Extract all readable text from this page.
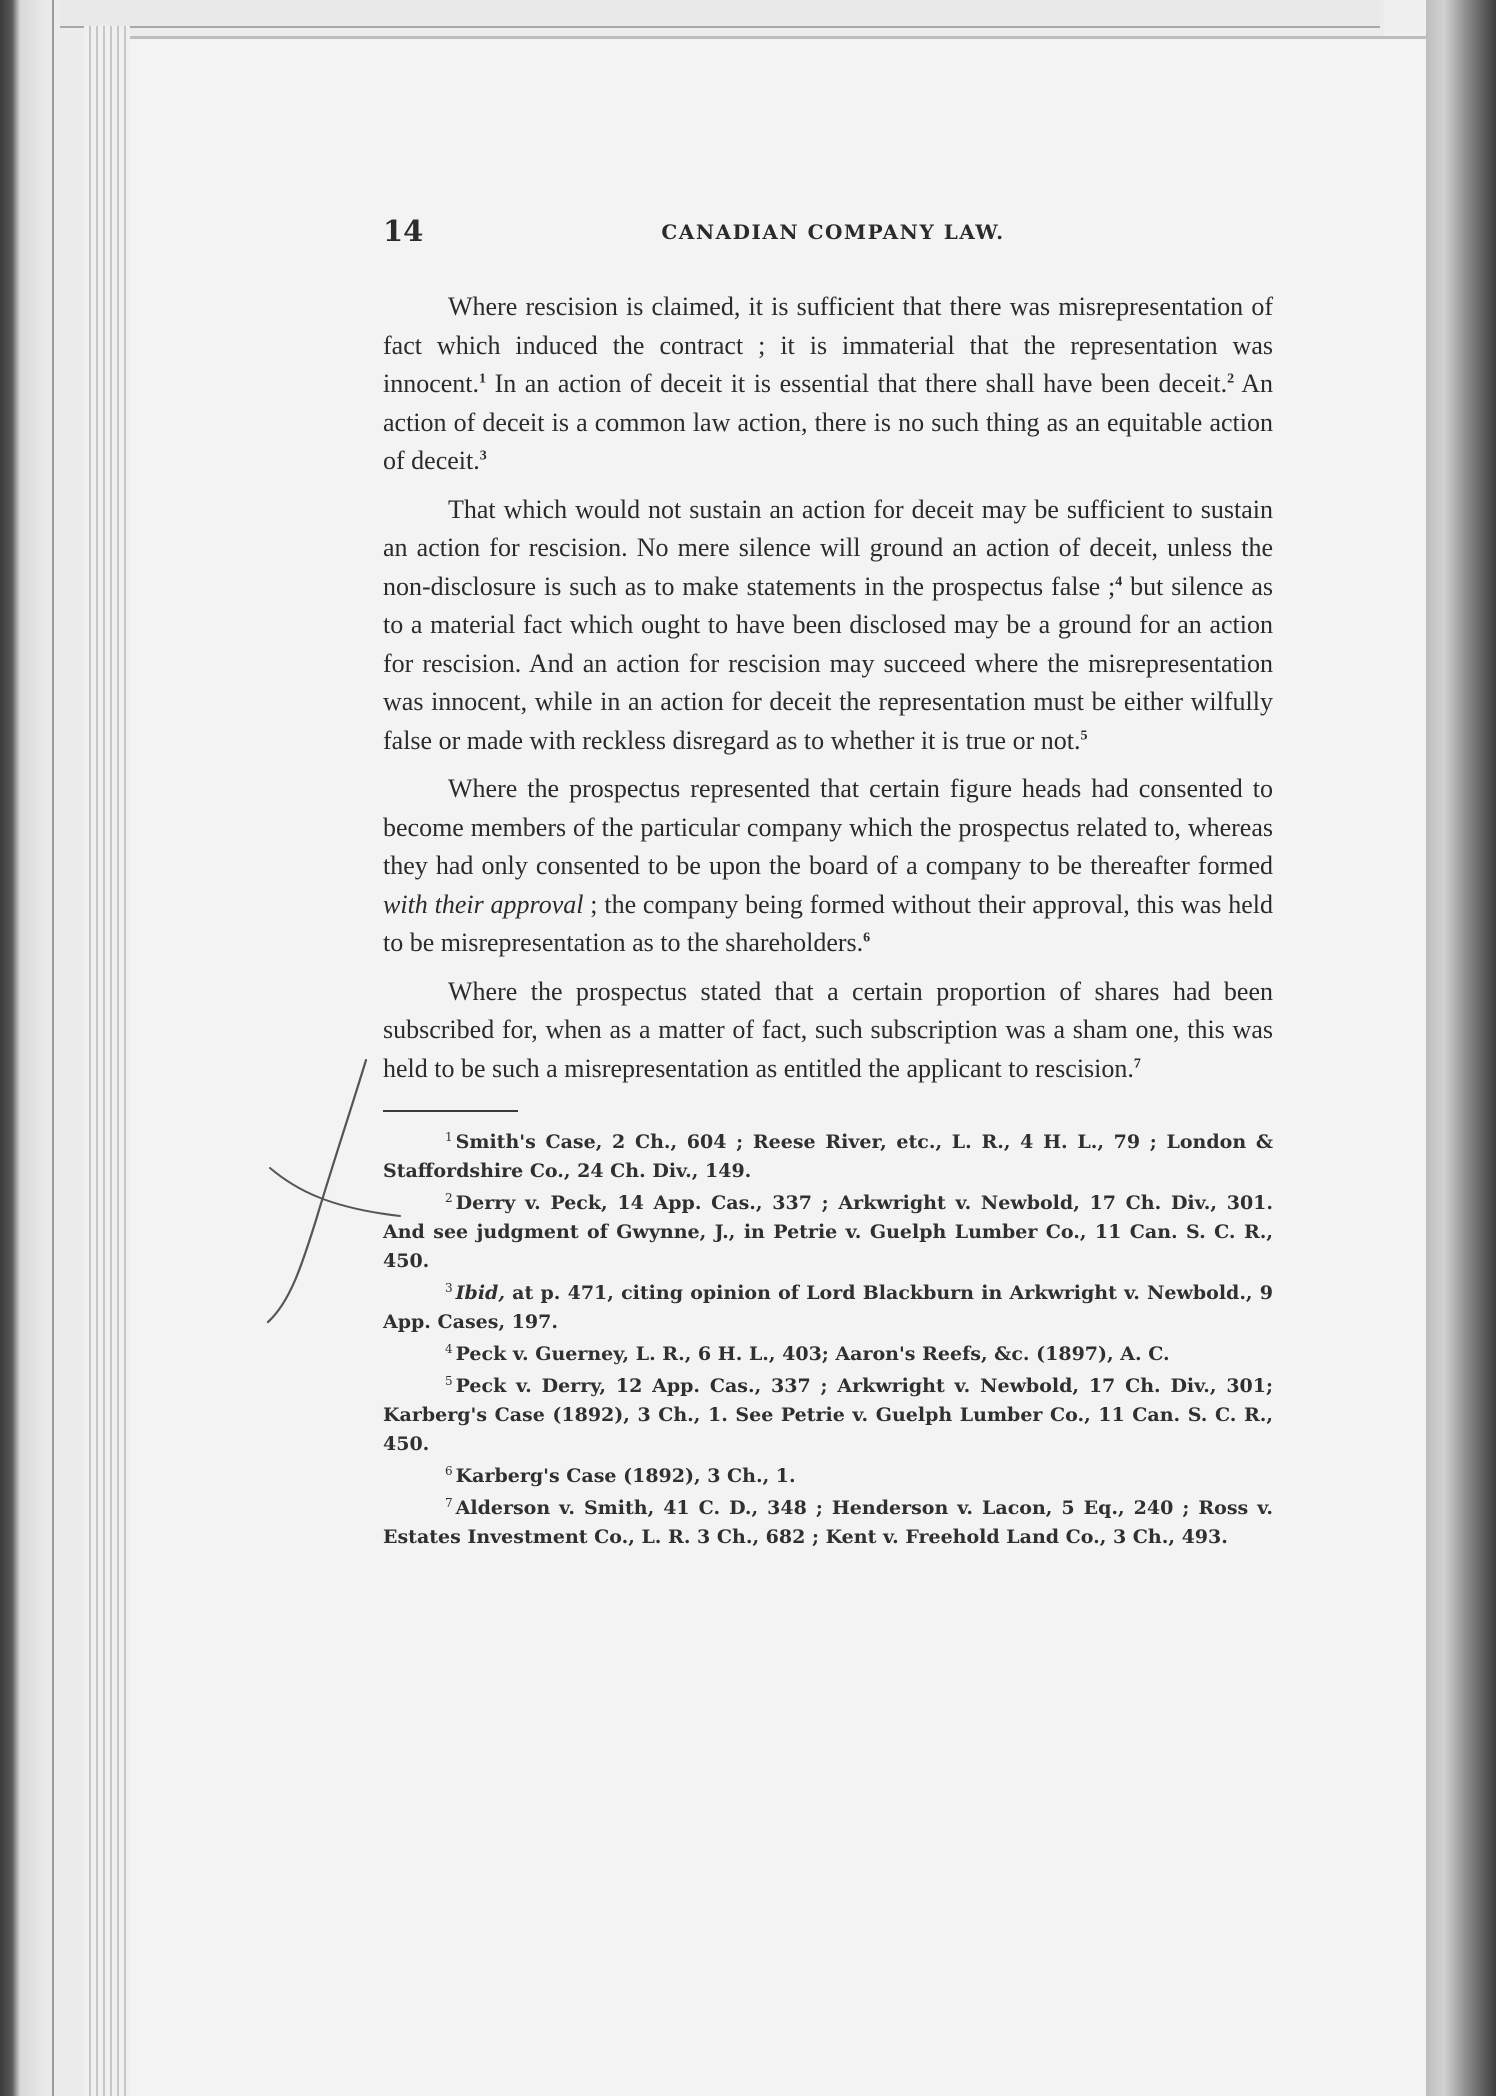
14	CANADIAN COMPANY LAW.

Where rescision is claimed, it is sufficient that there was misrepresentation of fact which induced the contract ; it is immaterial that the representation was innocent.$^1$ In an action of deceit it is essential that there shall have been deceit.$^2$ An action of deceit is a common law action, there is no such thing as an equitable action of deceit.$^3$

That which would not sustain an action for deceit may be sufficient to sustain an action for rescision. No mere silence will ground an action of deceit, unless the non-disclosure is such as to make statements in the prospectus false ;$^4$ but silence as to a material fact which ought to have been disclosed may be a ground for an action for rescision. And an action for rescision may succeed where the misrepresentation was innocent, while in an action for deceit the representation must be either wilfully false or made with reckless disregard as to whether it is true or not.$^5$

Where the prospectus represented that certain figure heads had consented to become members of the particular company which the prospectus related to, whereas they had only consented to be upon the board of a company to be thereafter formed with their approval ; the company being formed without their approval, this was held to be misrepresentation as to the shareholders.$^6$

Where the prospectus stated that a certain proportion of shares had been subscribed for, when as a matter of fact, such subscription was a sham one, this was held to be such a misrepresentation as entitled the applicant to rescision.$^7$

$^1$ Smith's Case, 2 Ch., 604 ; Reese River, etc., L. R., 4 H. L., 79 ; London & Staffordshire Co., 24 Ch. Div., 149.

$^2$ Derry v. Peck, 14 App. Cas., 337 ; Arkwright v. Newbold, 17 Ch. Div., 301. And see judgment of Gwynne, J., in Petrie v. Guelph Lumber Co., 11 Can. S. C. R., 450.

$^3$ Ibid, at p. 471, citing opinion of Lord Blackburn in Arkwright v. Newbold., 9 App. Cases, 197.

$^4$ Peck v. Guerney, L. R., 6 H. L., 403; Aaron's Reefs, &c. (1897), A. C.

$^5$ Peck v. Derry, 12 App. Cas., 337 ; Arkwright v. Newbold, 17 Ch. Div., 301; Karberg's Case (1892), 3 Ch., 1. See Petrie v. Guelph Lumber Co., 11 Can. S. C. R., 450.

$^6$ Karberg's Case (1892), 3 Ch., 1.

$^7$ Alderson v. Smith, 41 C. D., 348 ; Henderson v. Lacon, 5 Eq., 240 ; Ross v. Estates Investment Co., L. R. 3 Ch., 682 ; Kent v. Freehold Land Co., 3 Ch., 493.
